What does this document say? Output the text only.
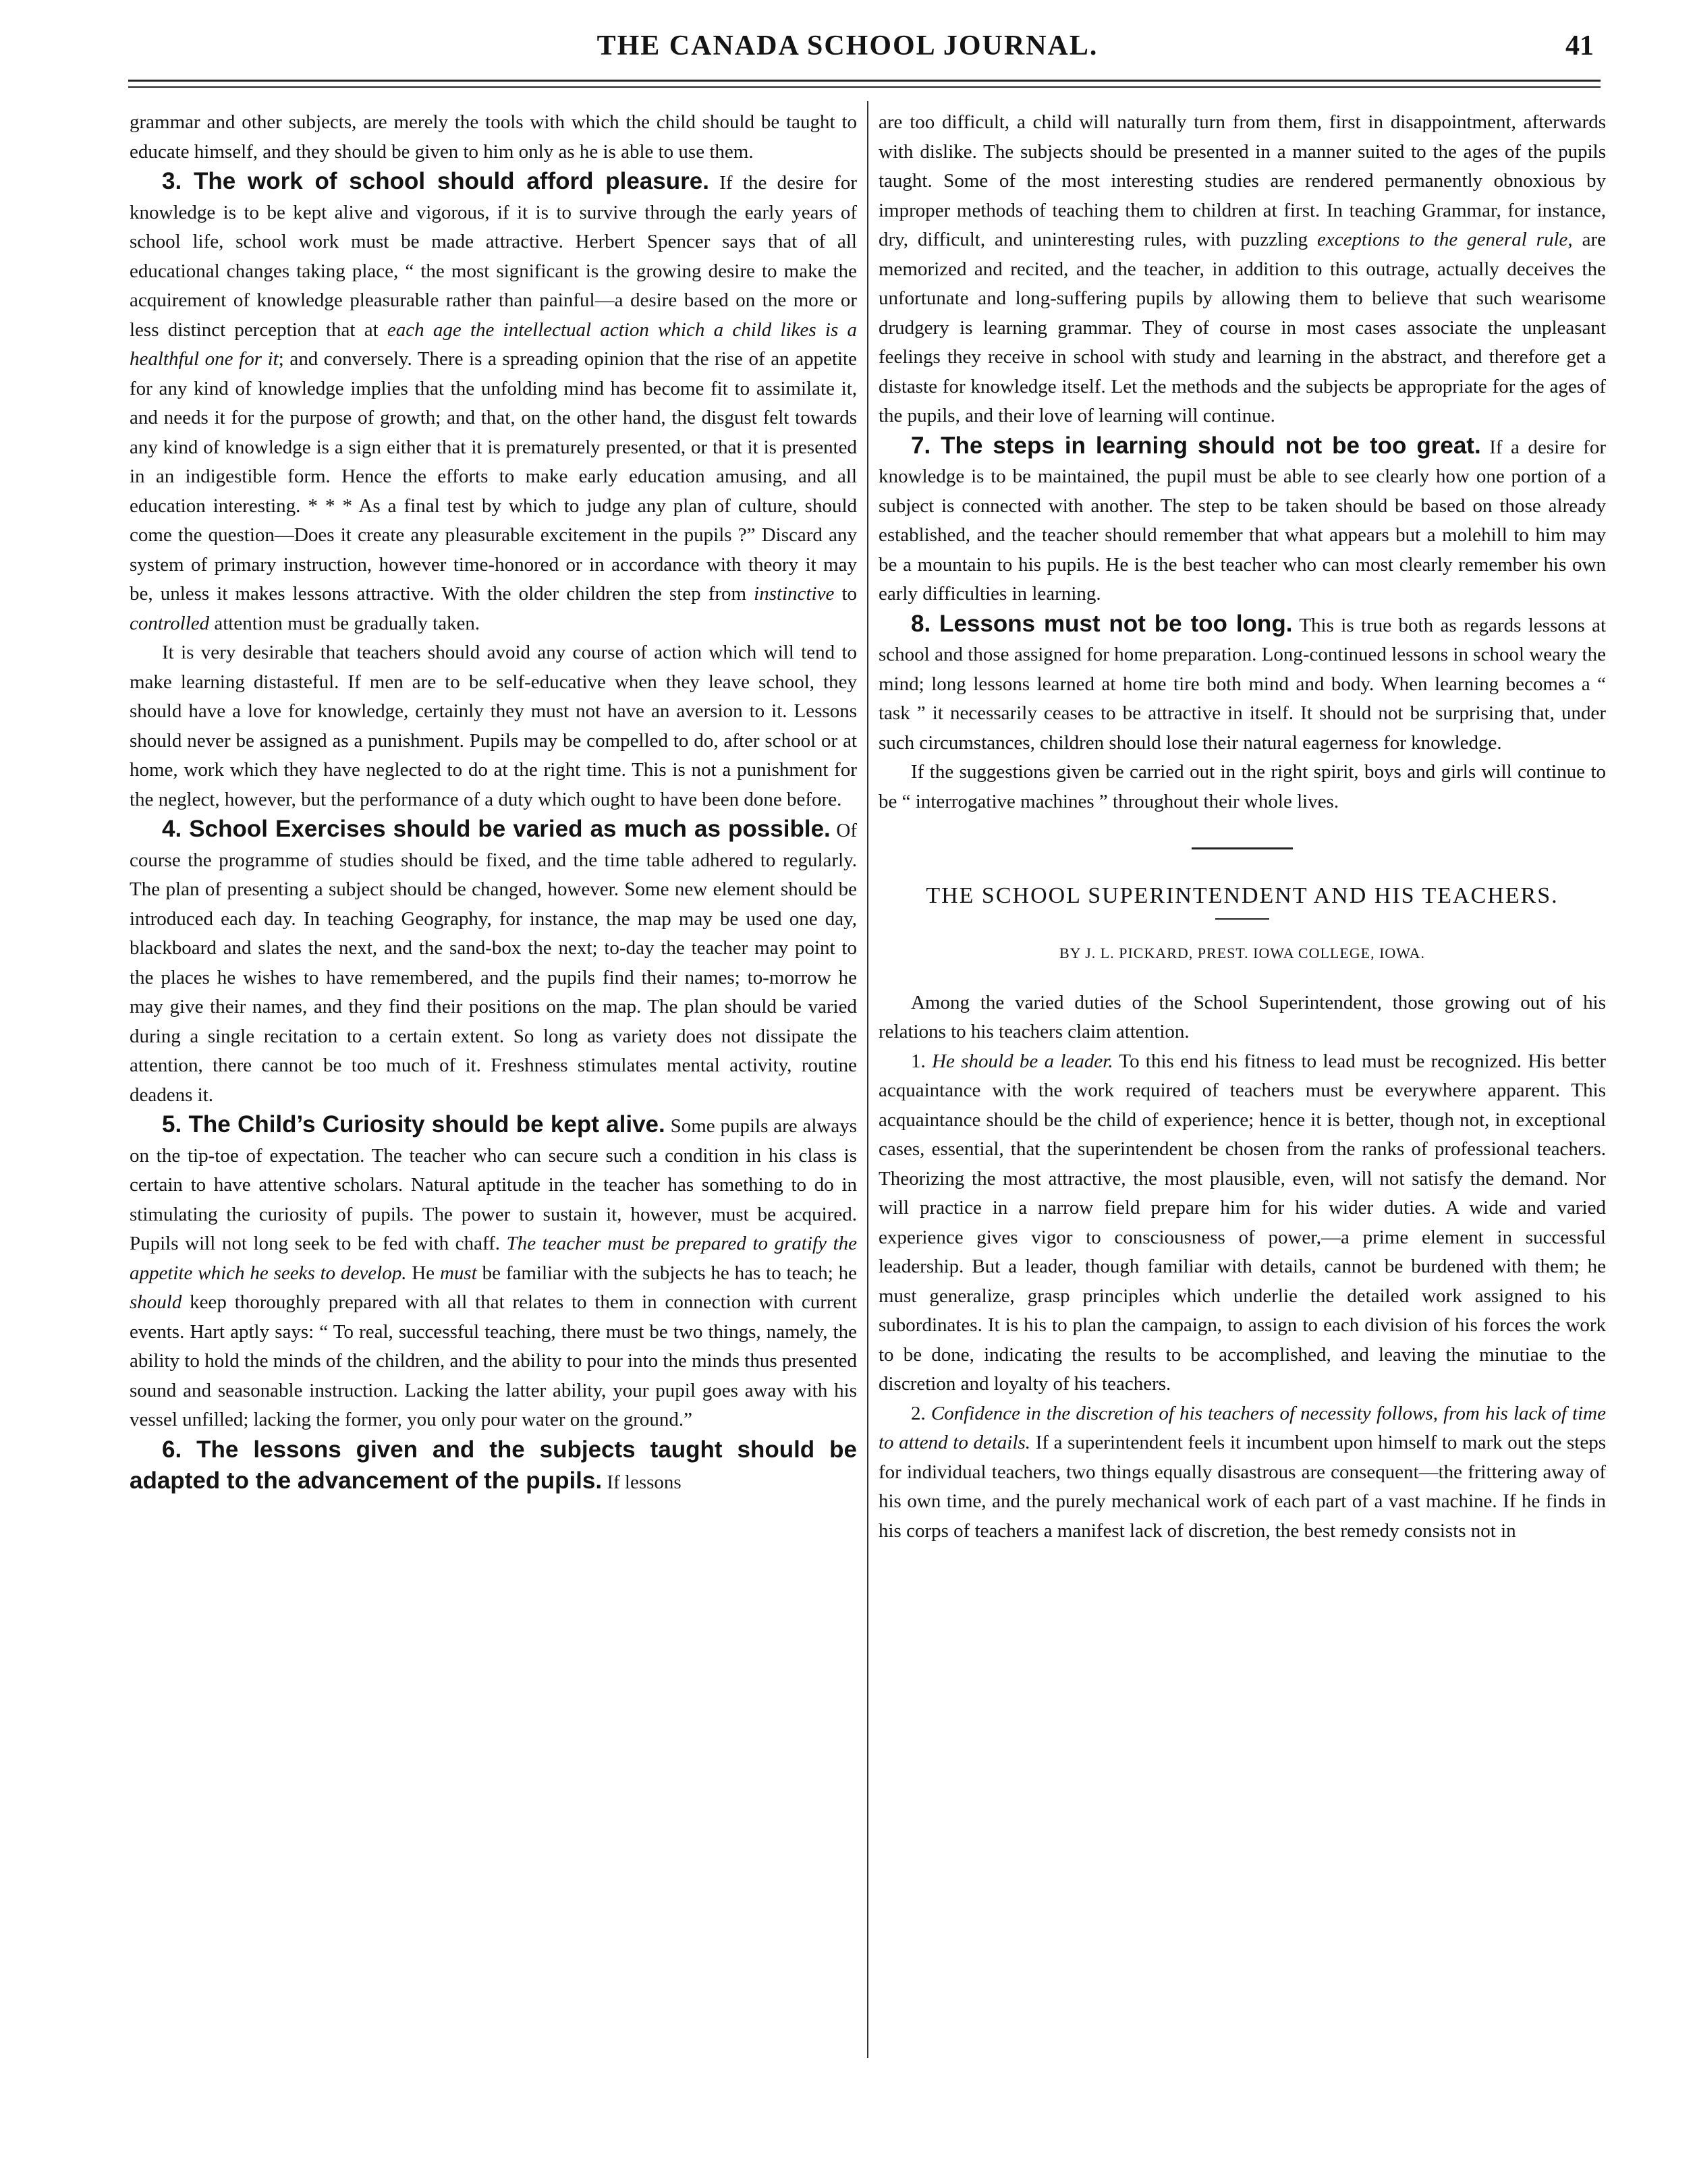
THE CANADA SCHOOL JOURNAL.	41

grammar and other subjects, are merely the tools with which the child should be taught to educate himself, and they should be given to him only as he is able to use them.

3. The work of school should afford pleasure. If the desire for knowledge is to be kept alive and vigorous, if it is to survive through the early years of school life, school work must be made attractive. Herbert Spencer says that of all educational changes taking place, “ the most significant is the growing desire to make the acquirement of knowledge pleasurable rather than painful—a desire based on the more or less distinct perception that at each age the intellectual action which a child likes is a healthful one for it; and conversely. There is a spreading opinion that the rise of an appetite for any kind of knowledge implies that the unfolding mind has become fit to assimilate it, and needs it for the purpose of growth; and that, on the other hand, the disgust felt towards any kind of knowledge is a sign either that it is prematurely presented, or that it is presented in an indigestible form. Hence the efforts to make early education amusing, and all education interesting. * * * As a final test by which to judge any plan of culture, should come the question—Does it create any pleasurable excitement in the pupils ?” Discard any system of primary instruction, however time-honored or in accordance with theory it may be, unless it makes lessons attractive. With the older children the step from instinctive to controlled attention must be gradually taken.

It is very desirable that teachers should avoid any course of action which will tend to make learning distasteful. If men are to be self-educative when they leave school, they should have a love for knowledge, certainly they must not have an aversion to it. Lessons should never be assigned as a punishment. Pupils may be compelled to do, after school or at home, work which they have neglected to do at the right time. This is not a punishment for the neglect, however, but the performance of a duty which ought to have been done before.

4. School Exercises should be varied as much as possible. Of course the programme of studies should be fixed, and the time table adhered to regularly. The plan of presenting a subject should be changed, however. Some new element should be introduced each day. In teaching Geography, for instance, the map may be used one day, blackboard and slates the next, and the sand-box the next; to-day the teacher may point to the places he wishes to have remembered, and the pupils find their names; to-morrow he may give their names, and they find their positions on the map. The plan should be varied during a single recitation to a certain extent. So long as variety does not dissipate the attention, there cannot be too much of it. Freshness stimulates mental activity, routine deadens it.

5. The Child’s Curiosity should be kept alive. Some pupils are always on the tip-toe of expectation. The teacher who can secure such a condition in his class is certain to have attentive scholars. Natural aptitude in the teacher has something to do in stimulating the curiosity of pupils. The power to sustain it, however, must be acquired. Pupils will not long seek to be fed with chaff. The teacher must be prepared to gratify the appetite which he seeks to develop. He must be familiar with the subjects he has to teach; he should keep thoroughly prepared with all that relates to them in connection with current events. Hart aptly says: “ To real, successful teaching, there must be two things, namely, the ability to hold the minds of the children, and the ability to pour into the minds thus presented sound and seasonable instruction. Lacking the latter ability, your pupil goes away with his vessel unfilled; lacking the former, you only pour water on the ground.”

6. The lessons given and the subjects taught should be adapted to the advancement of the pupils. If lessons

are too difficult, a child will naturally turn from them, first in disappointment, afterwards with dislike. The subjects should be presented in a manner suited to the ages of the pupils taught. Some of the most interesting studies are rendered permanently obnoxious by improper methods of teaching them to children at first. In teaching Grammar, for instance, dry, difficult, and uninteresting rules, with puzzling exceptions to the general rule, are memorized and recited, and the teacher, in addition to this outrage, actually deceives the unfortunate and long-suffering pupils by allowing them to believe that such wearisome drudgery is learning grammar. They of course in most cases associate the unpleasant feelings they receive in school with study and learning in the abstract, and therefore get a distaste for knowledge itself. Let the methods and the subjects be appropriate for the ages of the pupils, and their love of learning will continue.

7. The steps in learning should not be too great. If a desire for knowledge is to be maintained, the pupil must be able to see clearly how one portion of a subject is connected with another. The step to be taken should be based on those already established, and the teacher should remember that what appears but a molehill to him may be a mountain to his pupils. He is the best teacher who can most clearly remember his own early difficulties in learning.

8. Lessons must not be too long. This is true both as regards lessons at school and those assigned for home preparation. Long-continued lessons in school weary the mind; long lessons learned at home tire both mind and body. When learning becomes a “ task ” it necessarily ceases to be attractive in itself. It should not be surprising that, under such circumstances, children should lose their natural eagerness for knowledge.

If the suggestions given be carried out in the right spirit, boys and girls will continue to be “ interrogative machines ” throughout their whole lives.

THE SCHOOL SUPERINTENDENT AND HIS TEACHERS.
BY J. L. PICKARD, PREST. IOWA COLLEGE, IOWA.

Among the varied duties of the School Superintendent, those growing out of his relations to his teachers claim attention.

1. He should be a leader. To this end his fitness to lead must be recognized. His better acquaintance with the work required of teachers must be everywhere apparent. This acquaintance should be the child of experience; hence it is better, though not, in exceptional cases, essential, that the superintendent be chosen from the ranks of professional teachers. Theorizing the most attractive, the most plausible, even, will not satisfy the demand. Nor will practice in a narrow field prepare him for his wider duties. A wide and varied experience gives vigor to consciousness of power,—a prime element in successful leadership. But a leader, though familiar with details, cannot be burdened with them; he must generalize, grasp principles which underlie the detailed work assigned to his subordinates. It is his to plan the campaign, to assign to each division of his forces the work to be done, indicating the results to be accomplished, and leaving the minutiae to the discretion and loyalty of his teachers.

2. Confidence in the discretion of his teachers of necessity follows, from his lack of time to attend to details. If a superintendent feels it incumbent upon himself to mark out the steps for individual teachers, two things equally disastrous are consequent—the frittering away of his own time, and the purely mechanical work of each part of a vast machine. If he finds in his corps of teachers a manifest lack of discretion, the best remedy consists not in
